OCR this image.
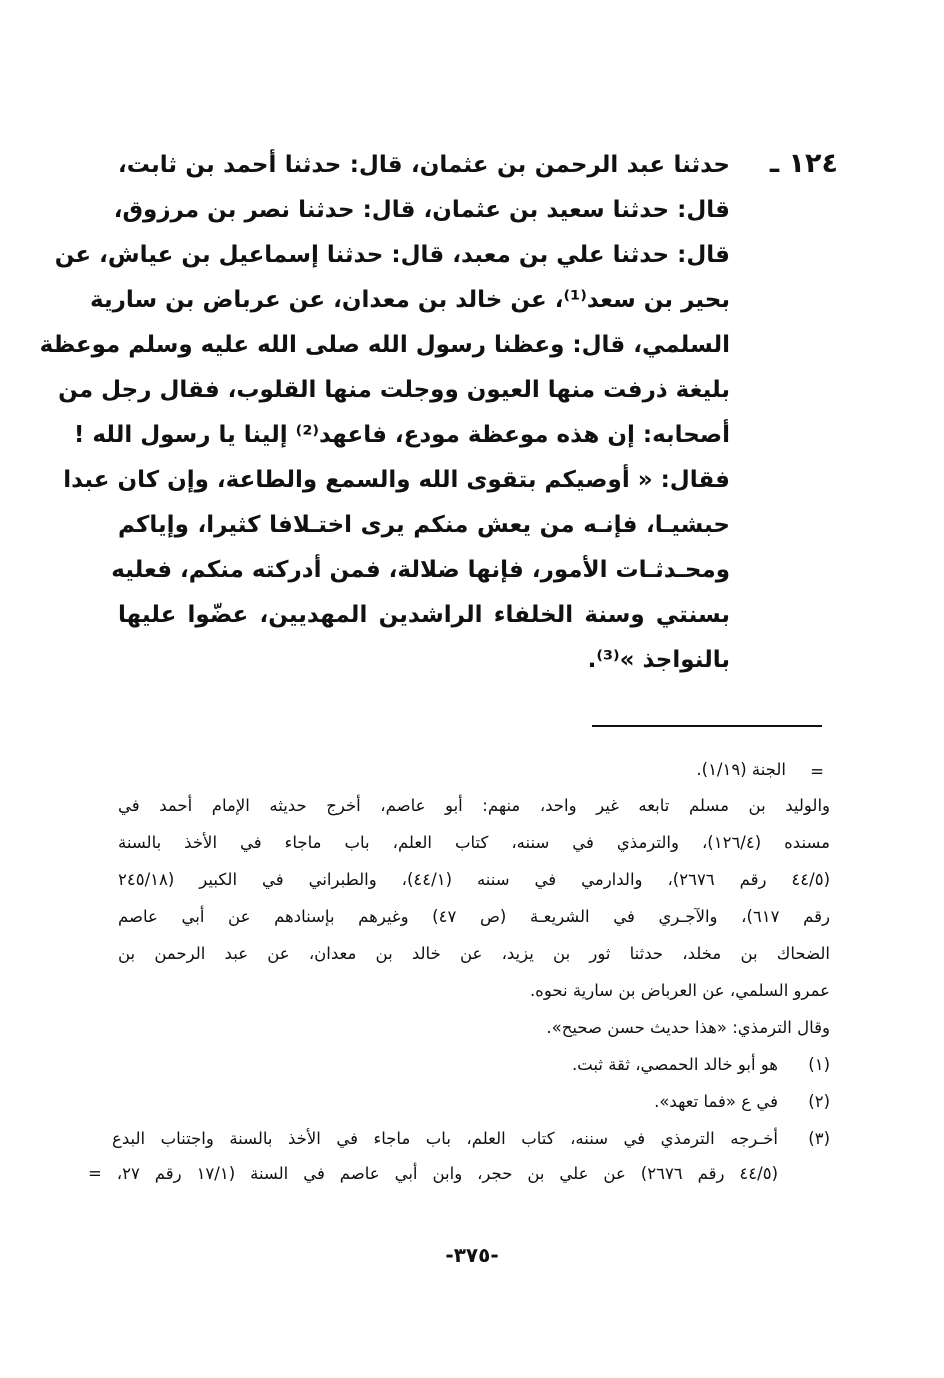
١٢٤ ـ
حدثنا عبد الرحمن بن عثمان، قال: حدثنا أحمد بن ثابت،
قال: حدثنا سعيد بن عثمان، قال: حدثنا نصر بن مرزوق،
قال: حدثنا علي بن معبد، قال: حدثنا إسماعيل بن عياش، عن
بحير بن سعد⁽¹⁾، عن خالد بن معدان، عن عرباض بن سارية
السلمي، قال: وعظنا رسول الله صلى الله عليه وسلم موعظة
بليغة ذرفت منها العيون ووجلت منها القلوب، فقال رجل من
أصحابه: إن هذه موعظة مودع، فاعهد⁽²⁾ إلينا يا رسول الله !
فقال: « أوصيكم بتقوى الله والسمع والطاعة، وإن كان عبدا
حبشيـا، فإنـه من يعش منكم يرى اختـلافا كثيرا، وإياكم
ومحـدثـات الأمور، فإنها ضلالة، فمن أدركته منكم، فعليه
بسنتي وسنة الخلفاء الراشدين المهديين، عضّوا عليها
بالنواجذ »⁽³⁾.
=
الجنة (١/١٩).
والوليد بن مسلم تابعه غير واحد، منهم: أبو عاصم، أخرج حديثه الإمام أحمد في
مسنده (١٢٦/٤)، والترمذي في سننه، كتاب العلم، باب ماجاء في الأخذ بالسنة
(٤٤/٥ رقم ٢٦٧٦)، والدارمي في سننه (٤٤/١)، والطبراني في الكبير (٢٤٥/١٨
رقم ٦١٧)، والآجـري في الشريعـة (ص ٤٧) وغيرهم بإسنادهم عن أبي عاصم
الضحاك بن مخلد، حدثنا ثور بن يزيد، عن خالد بن معدان، عن عبد الرحمن بن
عمرو السلمي، عن العرباض بن سارية نحوه.
وقال الترمذي: «هذا حديث حسن صحيح».
(١)
هو أبو خالد الحمصي، ثقة ثبت.
(٢)
في ع «فما تعهد».
(٣)
أخـرجه الترمذي في سننه، كتاب العلم، باب ماجاء في الأخذ بالسنة واجتناب البدع
(٤٤/٥ رقم ٢٦٧٦) عن علي بن حجر، وابن أبي عاصم في السنة (١٧/١ رقم ٢٧، =
-٣٧٥-
